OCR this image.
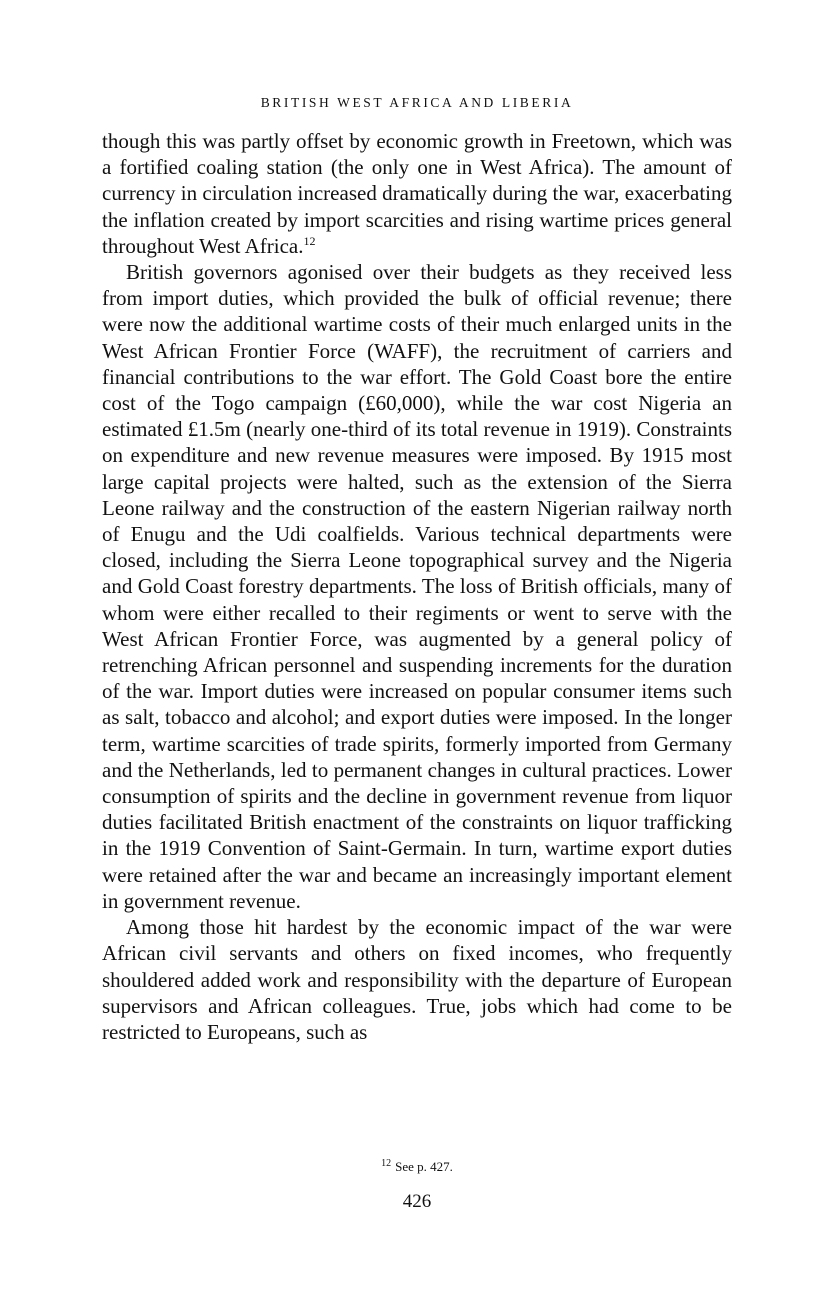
BRITISH WEST AFRICA AND LIBERIA

though this was partly offset by economic growth in Freetown, which was a fortified coaling station (the only one in West Africa). The amount of currency in circulation increased dramatically during the war, exacerbating the inflation created by import scarcities and rising wartime prices general throughout West Africa.$^{12}$

British governors agonised over their budgets as they received less from import duties, which provided the bulk of official revenue; there were now the additional wartime costs of their much enlarged units in the West African Frontier Force (WAFF), the recruitment of carriers and financial contributions to the war effort. The Gold Coast bore the entire cost of the Togo campaign (£60,000), while the war cost Nigeria an estimated £1.5m (nearly one-third of its total revenue in 1919). Constraints on expenditure and new revenue measures were imposed. By 1915 most large capital projects were halted, such as the extension of the Sierra Leone railway and the construction of the eastern Nigerian railway north of Enugu and the Udi coalfields. Various technical departments were closed, including the Sierra Leone topographical survey and the Nigeria and Gold Coast forestry departments. The loss of British officials, many of whom were either recalled to their regiments or went to serve with the West African Frontier Force, was augmented by a general policy of retrenching African personnel and suspending increments for the duration of the war. Import duties were increased on popular consumer items such as salt, tobacco and alcohol; and export duties were imposed. In the longer term, wartime scarcities of trade spirits, formerly imported from Germany and the Netherlands, led to permanent changes in cultural practices. Lower consumption of spirits and the decline in government revenue from liquor duties facilitated British enactment of the constraints on liquor trafficking in the 1919 Convention of Saint-Germain. In turn, wartime export duties were retained after the war and became an increasingly important element in government revenue.

Among those hit hardest by the economic impact of the war were African civil servants and others on fixed incomes, who frequently shouldered added work and responsibility with the departure of European supervisors and African colleagues. True, jobs which had come to be restricted to Europeans, such as

$^{12}$ See p. 427.

426
